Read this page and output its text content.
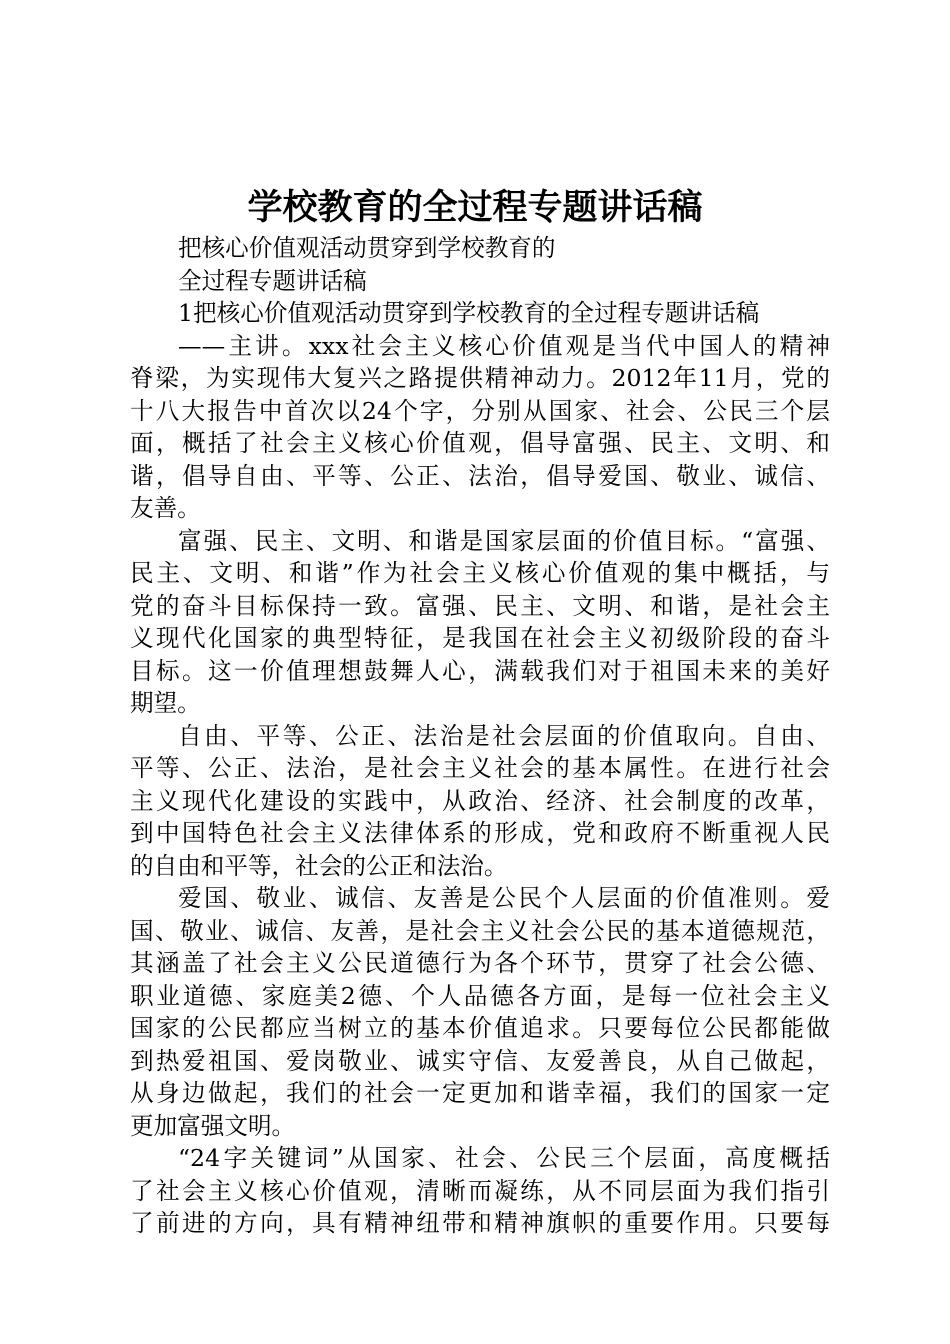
学校教育的全过程专题讲话稿
把核心价值观活动贯穿到学校教育的
全过程专题讲话稿
1把核心价值观活动贯穿到学校教育的全过程专题讲话稿
——主讲。xxx社会主义核心价值观是当代中国人的精神
脊梁，为实现伟大复兴之路提供精神动力。2012年11月，党的
十八大报告中首次以24个字，分别从国家、社会、公民三个层
面，概括了社会主义核心价值观，倡导富强、民主、文明、和
谐，倡导自由、平等、公正、法治，倡导爱国、敬业、诚信、
友善。
富强、民主、文明、和谐是国家层面的价值目标。“富强、
民主、文明、和谐”作为社会主义核心价值观的集中概括，与
党的奋斗目标保持一致。富强、民主、文明、和谐，是社会主
义现代化国家的典型特征，是我国在社会主义初级阶段的奋斗
目标。这一价值理想鼓舞人心，满载我们对于祖国未来的美好
期望。
自由、平等、公正、法治是社会层面的价值取向。自由、
平等、公正、法治，是社会主义社会的基本属性。在进行社会
主义现代化建设的实践中，从政治、经济、社会制度的改革，
到中国特色社会主义法律体系的形成，党和政府不断重视人民
的自由和平等，社会的公正和法治。
爱国、敬业、诚信、友善是公民个人层面的价值准则。爱
国、敬业、诚信、友善，是社会主义社会公民的基本道德规范，
其涵盖了社会主义公民道德行为各个环节，贯穿了社会公德、
职业道德、家庭美2德、个人品德各方面，是每一位社会主义
国家的公民都应当树立的基本价值追求。只要每位公民都能做
到热爱祖国、爱岗敬业、诚实守信、友爱善良，从自己做起，
从身边做起，我们的社会一定更加和谐幸福，我们的国家一定
更加富强文明。
“24字关键词”从国家、社会、公民三个层面，高度概括
了社会主义核心价值观，清晰而凝练，从不同层面为我们指引
了前进的方向，具有精神纽带和精神旗帜的重要作用。只要每
